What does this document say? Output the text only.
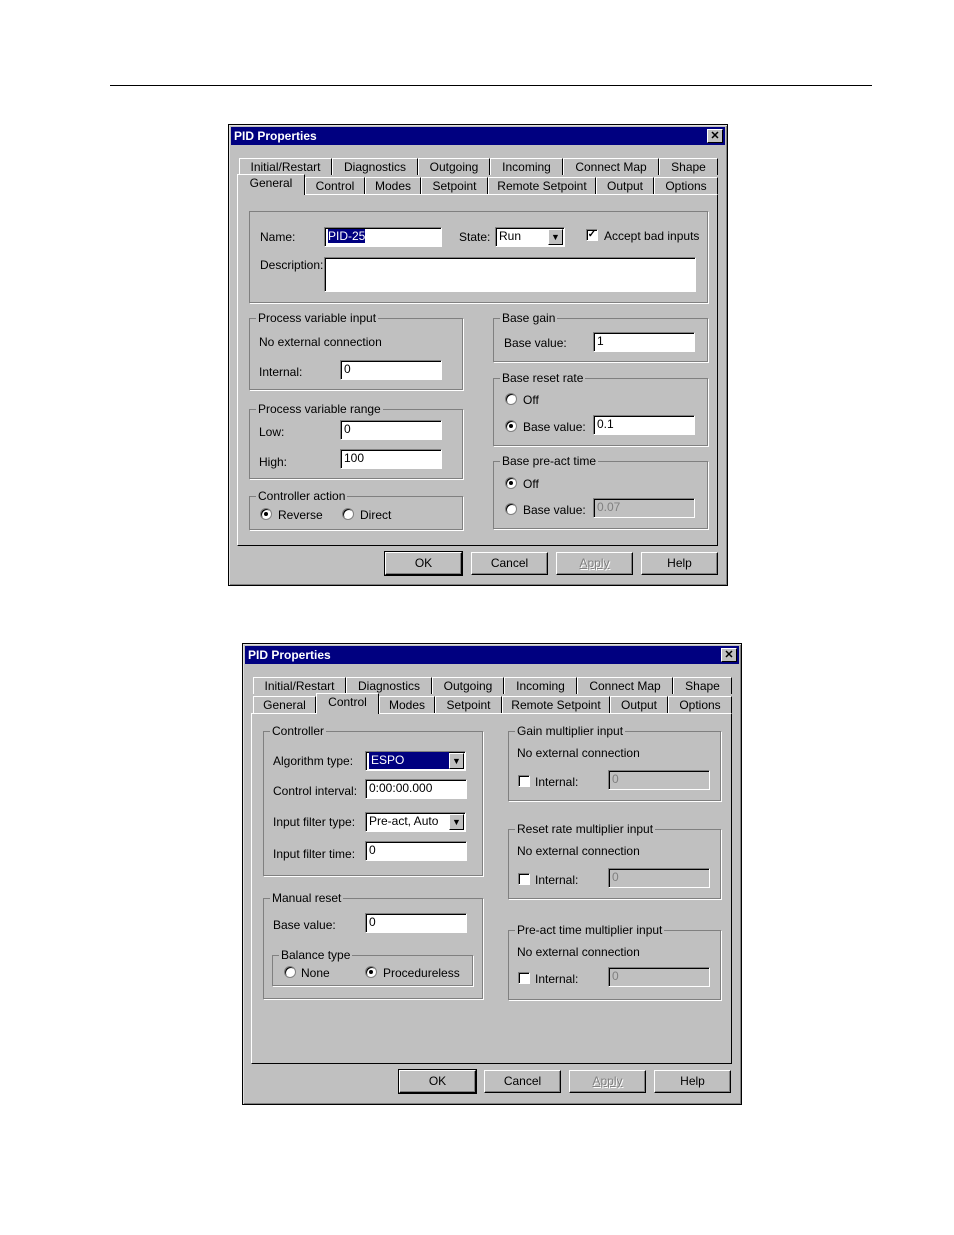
PID Properties	✕
Initial/Restart	Diagnostics	Outgoing	Incoming	Connect Map	Shape
General	Control	Modes	Setpoint	Remote Setpoint	Output	Options
Name:	PID-25	State: Run	▼	✓ Accept bad inputs
Description:
Process variable input
No external connection
Internal:	0
Process variable range
Low:	0
High:	100
Controller action
Reverse	Direct
Base gain
Base value:	1
Base reset rate
Off
Base value: 0.1
Base pre-act time
Off
Base value: 0.07
OK	Cancel	Apply	Help
PID Properties	✕
Initial/Restart	Diagnostics	Outgoing	Incoming	Connect Map	Shape
General	Control	Modes	Setpoint	Remote Setpoint	Output	Options
Controller
Algorithm type:	ESPO	▼
Control interval: 0:00:00.000
Input filter type:	Pre-act, Auto	▼
Input filter time:	0
Manual reset
Base value:	0
Balance type
None	Procedureless
Gain multiplier input
No external connection
Internal:	0
Reset rate multiplier input
No external connection
Internal:	0
Pre-act time multiplier input
No external connection
Internal:	0
OK	Cancel	Apply	Help
